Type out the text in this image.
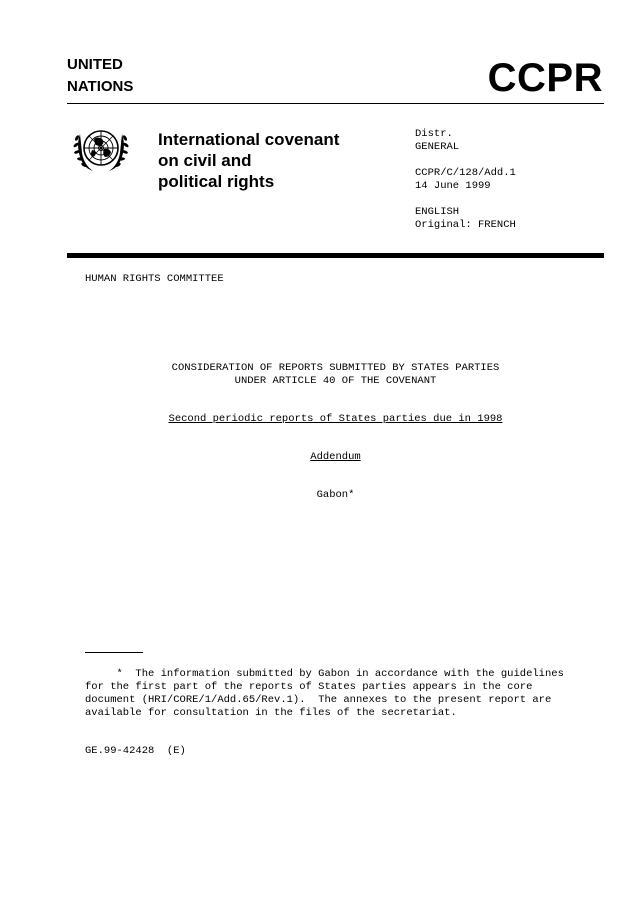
UNITED
NATIONS	CCPR
International covenant
on civil and
political rights
Distr.
GENERAL
CCPR/C/128/Add.1
14 June 1999
ENGLISH
Original: FRENCH
HUMAN RIGHTS COMMITTEE
CONSIDERATION OF REPORTS SUBMITTED BY STATES PARTIES
UNDER ARTICLE 40 OF THE COVENANT
Second periodic reports of States parties due in 1998
Addendum
Gabon*
*  The information submitted by Gabon in accordance with the guidelines
for the first part of the reports of States parties appears in the core
document (HRI/CORE/1/Add.65/Rev.1).  The annexes to the present report are
available for consultation in the files of the secretariat.
GE.99-42428  (E)
